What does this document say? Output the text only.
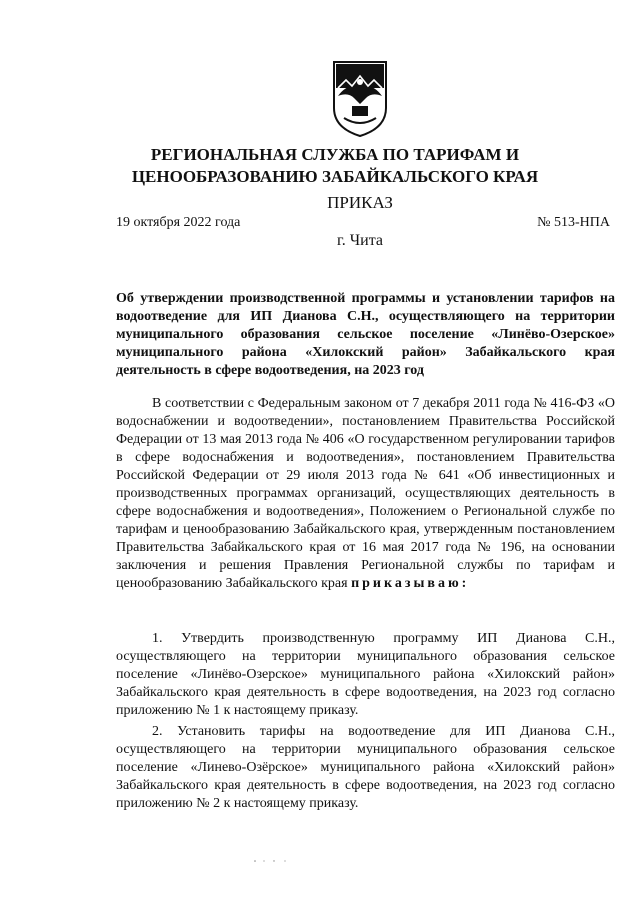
РЕГИОНАЛЬНАЯ СЛУЖБА ПО ТАРИФАМ И ЦЕНООБРАЗОВАНИЮ ЗАБАЙКАЛЬСКОГО КРАЯ
ПРИКАЗ
19 октября 2022 года	№ 513-НПА
г. Чита
Об утверждении производственной программы и установлении тарифов на водоотведение для ИП Дианова С.Н., осуществляющего на территории муниципального образования сельское поселение «Линёво-Озерское» муниципального района «Хилокский район» Забайкальского края деятельность в сфере водоотведения, на 2023 год

В соответствии с Федеральным законом от 7 декабря 2011 года № 416-ФЗ «О водоснабжении и водоотведении», постановлением Правительства Российской Федерации от 13 мая 2013 года № 406 «О государственном регулировании тарифов в сфере водоснабжения и водоотведения», постановлением Правительства Российской Федерации от 29 июля 2013 года № 641 «Об инвестиционных и производственных программах организаций, осуществляющих деятельность в сфере водоснабжения и водоотведения», Положением о Региональной службе по тарифам и ценообразованию Забайкальского края, утвержденным постановлением Правительства Забайкальского края от 16 мая 2017 года № 196, на основании заключения и решения Правления Региональной службы по тарифам и ценообразованию Забайкальского края приказываю:

1. Утвердить производственную программу ИП Дианова С.Н., осуществляющего на территории муниципального образования сельское поселение «Линёво-Озерское» муниципального района «Хилокский район» Забайкальского края деятельность в сфере водоотведения, на 2023 год согласно приложению № 1 к настоящему приказу.

2. Установить тарифы на водоотведение для ИП Дианова С.Н., осуществляющего на территории муниципального образования сельское поселение «Линево-Озёрское» муниципального района «Хилокский район» Забайкальского края деятельность в сфере водоотведения, на 2023 год согласно приложению № 2 к настоящему приказу.
